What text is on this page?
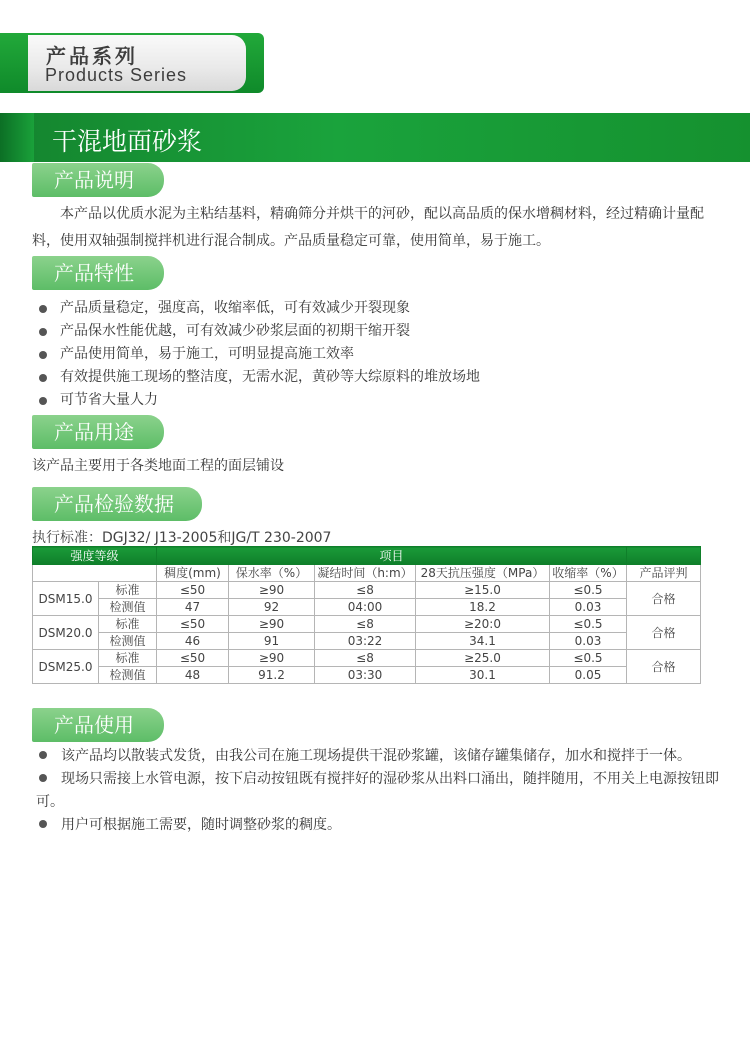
产品系列
Products Series
干混地面砂浆
产品说明
本产品以优质水泥为主粘结基料，精确筛分并烘干的河砂，配以高品质的保水增稠材料，经过精确计量配料，使用双轴强制搅拌机进行混合制成。产品质量稳定可靠，使用简单，易于施工。
产品特性
产品质量稳定，强度高，收缩率低，可有效减少开裂现象
产品保水性能优越，可有效减少砂浆层面的初期干缩开裂
产品使用简单，易于施工，可明显提高施工效率
有效提供施工现场的整洁度，无需水泥，黄砂等大综原料的堆放场地
可节省大量人力
产品用途
该产品主要用于各类地面工程的面层铺设
产品检验数据
执行标准：DGJ32/ J13-2005和JG/T 230-2007
强度等级		项目					
		稠度(mm)	保水率（%）	凝结时间（h:m）	28天抗压强度（MPa）	收缩率（%）	产品评判
DSM15.0	标准	≤50	≥90	≤8	≥15.0	≤0.5	合格
	检测值	47	92	04:00	18.2	0.03	
DSM20.0	标准	≤50	≥90	≤8	≥20:0	≤0.5	合格
	检测值	46	91	03:22	34.1	0.03	
DSM25.0	标准	≤50	≥90	≤8	≥25.0	≤0.5	合格
	检测值	48	91.2	03:30	30.1	0.05	
产品使用

该产品均以散装式发货，由我公司在施工现场提供干混砂浆罐，该储存罐集储存，加水和搅拌于一体。

现场只需接上水管电源，按下启动按钮既有搅拌好的湿砂浆从出料口涌出，随拌随用，不用关上电源按钮即可。

用户可根据施工需要，随时调整砂浆的稠度。
